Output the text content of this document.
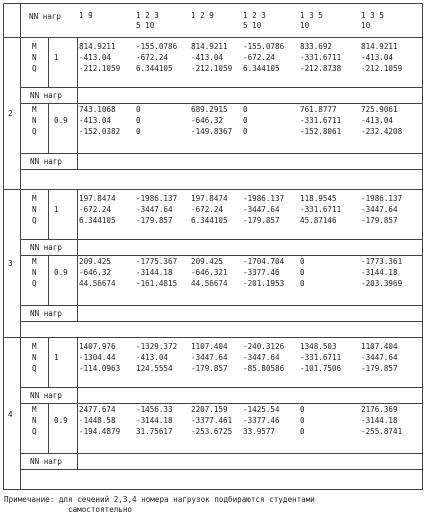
NN нагр 1 9	1 2 3
5 10
1 2 9	1 2 3
5 10
1 3 5
10
1 3 5
10
2
M
N
Q
1
814.9211
-413.04
-212.1059
-155.0786
-672.24
6.344105
814.9211
-413.04
-212.1059
-155.0786
-672.24
6.344105
833.692
-331.6711
-212.8738
814.9211
-413.04
-212.1059
M
N
Q
0.9
743.1068
-413.04
-152.0382
0
0
0
689.2915
-646.32
-149.8367
0
0
0
761.8777
-331.6711
-152.8061
725.9061
-413.04
-232.4208
NN нагр
NN нагр
3
M
N
Q
1
197.8474
-672.24
6.344105
-1986.137
-3447.64
-179.857
197.8474
-672.24
6.344105
-1986.137
-3447.64
-179.857
118.9545
-331.6711
45.87146
-1986.137
-3447.64
-179.857
M
N
Q
0.9
209.425
-646.32
44.56674
-1775.367
-3144.18
-161.4815
209.425
-646.321
44.56674
-1704.704
-3377.46
-201.1953
0
0
0
-1773.361
-3144.18
-203.3969
NN нагр
NN нагр
4
M
N
Q
1
1407.976
-1304.44
-114.0963
-1329.372
-413.04
124.5554
1107.404
-3447.64
-179.857
-240.3126
-3447.64
-85.80586
1348.503
-331.6711
-101.7506
1107.404
-3447.64
-179.857
M
N
Q
0.9
2477.674
-1448.58
-194.4879
-1456.33
-3144.18
31.75617
2207.159
-3377.461
-253.6725
-1425.54
-3377.46
33.9577
0
0
0
2176.369
-3144.18
-255.8741
NN нагр
NN нагр
Примечание: для сечений 2,3,4 номера нагрузок подбираются студентами
самостоятельно
